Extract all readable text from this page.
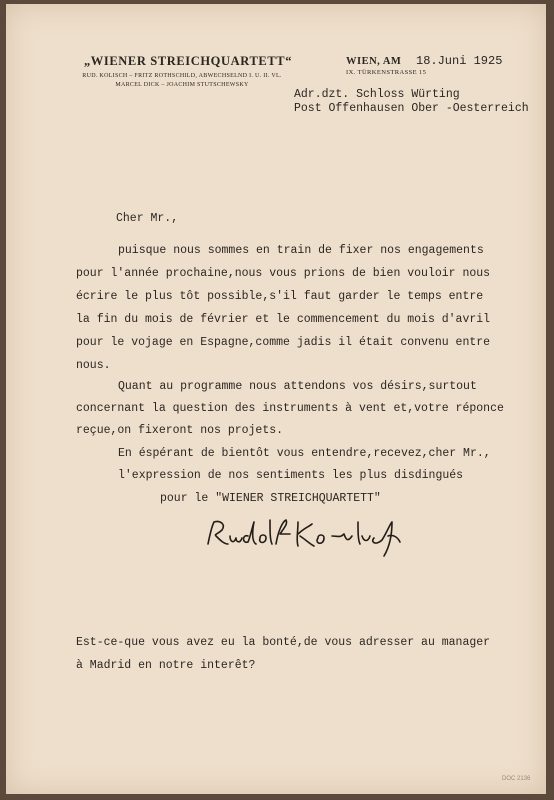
„WIENER STREICHQUARTETT“
RUD. KOLISCH – FRITZ ROTHSCHILD, ABWECHSELND I. U. II. VL.
MARCEL DICK – JOACHIM STUTSCHEWSKY
WIEN, AM 18.Juni 1925
IX. TÜRKENSTRASSE 15
Adr.dzt. Schloss Würting
Post Offenhausen Ober -Oesterreich
Cher Mr.,
puisque nous sommes en train de fixer nos engagements
pour l'année prochaine,nous vous prions de bien vouloir nous
écrire le plus tôt possible,s'il faut garder le temps entre
la fin du mois de février et le commencement du mois d'avril
pour le vojage en Espagne,comme jadis il était convenu entre
nous.
Quant au programme nous attendons vos désirs,surtout
concernant la question des instruments à vent et,votre réponce
reçue,on fixeront nos projets.
En éspérant de bientôt vous entendre,recevez,cher Mr.,
l'expression de nos sentiments les plus disdingués
pour le "WIENER STREICHQUARTETT"
Est-ce-que vous avez eu la bonté,de vous adresser au manager
à Madrid en notre interêt?
DOC 2136
